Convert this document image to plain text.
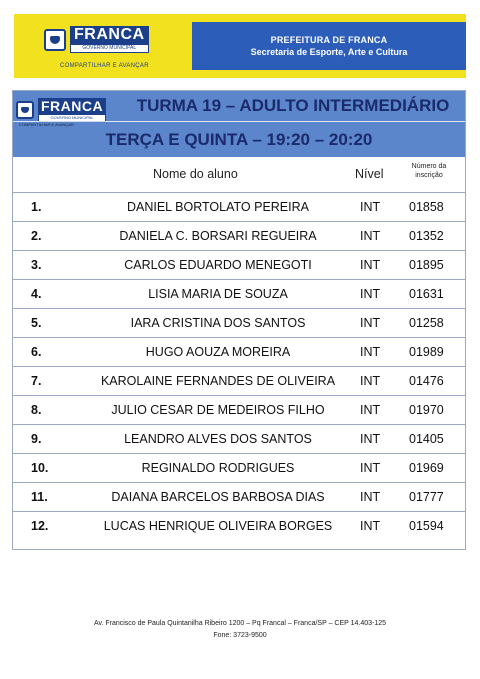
FRANCA
GOVERNO MUNICIPAL
COMPARTILHAR E AVANÇAR
PREFEITURA DE FRANCA
Secretaria de Esporte, Arte e Cultura
FRANCA
GOVERNO MUNICIPAL
COMPARTILHAR E AVANÇAR
TURMA 19 – ADULTO INTERMEDIÁRIO
TERÇA E QUINTA – 19:20 – 20:20
Nome do aluno	Nível
Número da inscrição
1.	DANIEL BORTOLATO PEREIRA	INT 01858
2.	DANIELA C. BORSARI REGUEIRA	INT 01352
3.	CARLOS EDUARDO MENEGOTI	INT 01895
4.	LISIA MARIA DE SOUZA	INT 01631
5.	IARA CRISTINA DOS SANTOS	INT 01258
6.	HUGO AOUZA MOREIRA	INT 01989
7.	KAROLAINE FERNANDES DE OLIVEIRA	INT 01476
8.	JULIO CESAR DE MEDEIROS FILHO	INT 01970
9.	LEANDRO ALVES DOS SANTOS	INT 01405
10.	REGINALDO RODRIGUES	INT 01969
11.	DAIANA BARCELOS BARBOSA DIAS	INT 01777
12.	LUCAS HENRIQUE OLIVEIRA BORGES	INT 01594
Av. Francisco de Paula Quintanilha Ribeiro 1200 – Pq Francal – Franca/SP – CEP 14.403-125
Fone: 3723-9500
